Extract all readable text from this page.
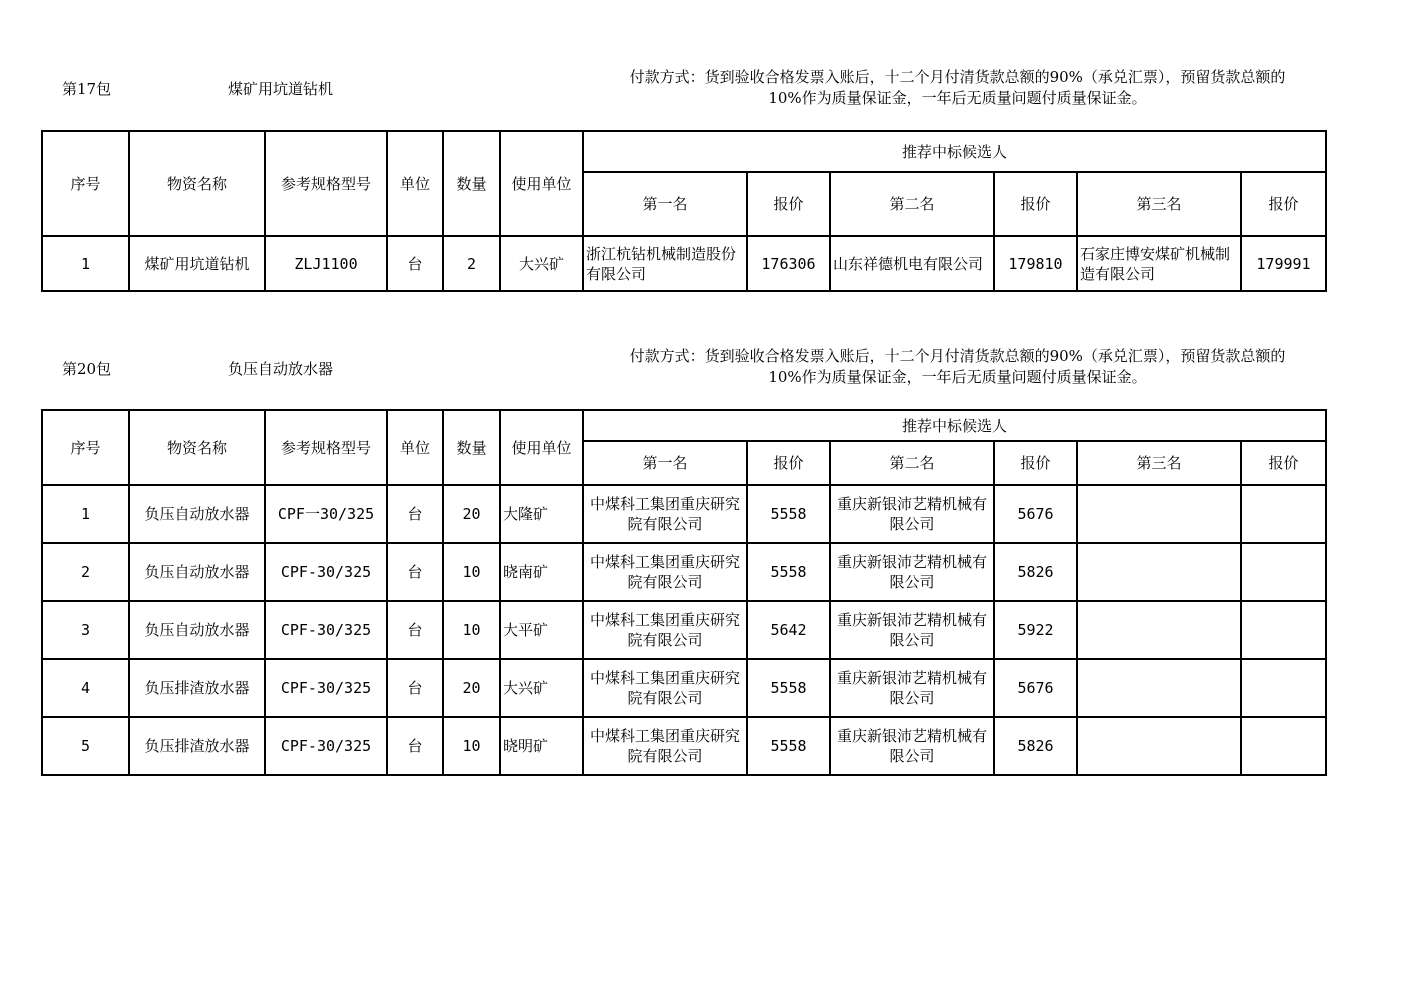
第17包	煤矿用坑道钻机
付款方式：货到验收合格发票入账后，十二个月付清货款总额的90%（承兑汇票），预留货款总额的
10%作为质量保证金，一年后无质量问题付质量保证金。
序号	物资名称	参考规格型号	单位	数量	使用单位	推荐中标候选人					
						第一名	报价	第二名	报价	第三名	报价
1	煤矿用坑道钻机	ZLJ1100	台	2	大兴矿	浙江杭钻机械制造股份有限公司	176306	山东祥德机电有限公司	179810	石家庄博安煤矿机械制造有限公司	179991
第20包	负压自动放水器
付款方式：货到验收合格发票入账后，十二个月付清货款总额的90%（承兑汇票），预留货款总额的
10%作为质量保证金，一年后无质量问题付质量保证金。
序号	物资名称	参考规格型号	单位	数量	使用单位	推荐中标候选人					
						第一名	报价	第二名	报价	第三名	报价
1	负压自动放水器	CPF一30/325	台	20	大隆矿	中煤科工集团重庆研究院有限公司	5558	重庆新银沛艺精机械有限公司	5676		
2	负压自动放水器	CPF-30/325	台	10	晓南矿	中煤科工集团重庆研究院有限公司	5558	重庆新银沛艺精机械有限公司	5826		
3	负压自动放水器	CPF-30/325	台	10	大平矿	中煤科工集团重庆研究院有限公司	5642	重庆新银沛艺精机械有限公司	5922		
4	负压排渣放水器	CPF-30/325	台	20	大兴矿	中煤科工集团重庆研究院有限公司	5558	重庆新银沛艺精机械有限公司	5676		
5	负压排渣放水器	CPF-30/325	台	10	晓明矿	中煤科工集团重庆研究院有限公司	5558	重庆新银沛艺精机械有限公司	5826		
